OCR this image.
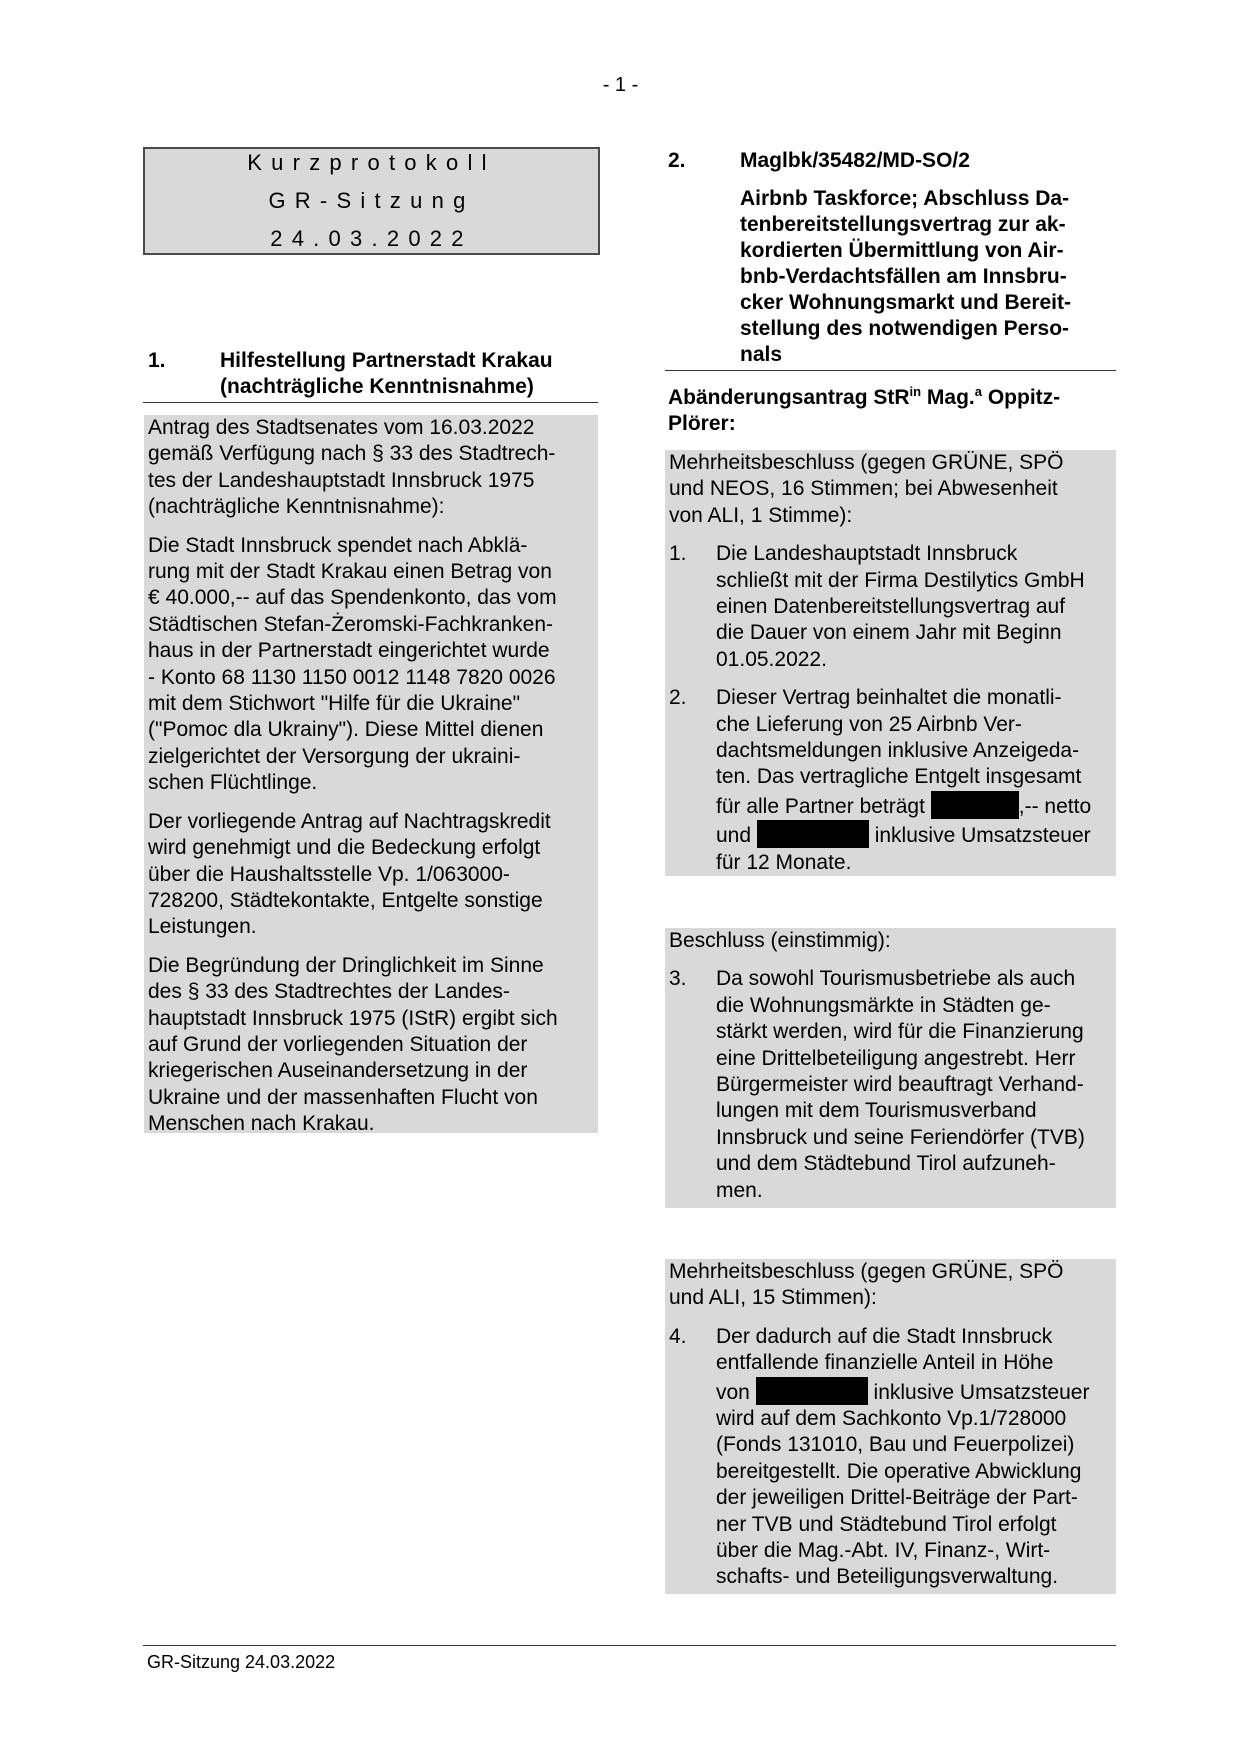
- 1 -
Kurzprotokoll
GR-Sitzung
24.03.2022
1.	Hilfestellung Partnerstadt Krakau
(nachträgliche Kenntnisnahme)

Antrag des Stadtsenates vom 16.03.2022
gemäß Verfügung nach § 33 des Stadtrech-
tes der Landeshauptstadt Innsbruck 1975
(nachträgliche Kenntnisnahme):

Die Stadt Innsbruck spendet nach Abklä-
rung mit der Stadt Krakau einen Betrag von
€ 40.000,-- auf das Spendenkonto, das vom
Städtischen Stefan-Żeromski-Fachkranken-
haus in der Partnerstadt eingerichtet wurde
- Konto 68 1130 1150 0012 1148 7820 0026
mit dem Stichwort "Hilfe für die Ukraine"
("Pomoc dla Ukrainy"). Diese Mittel dienen
zielgerichtet der Versorgung der ukraini-
schen Flüchtlinge.

Der vorliegende Antrag auf Nachtragskredit
wird genehmigt und die Bedeckung erfolgt
über die Haushaltsstelle Vp. 1/063000-
728200, Städtekontakte, Entgelte sonstige
Leistungen.

Die Begründung der Dringlichkeit im Sinne
des § 33 des Stadtrechtes der Landes-
hauptstadt Innsbruck 1975 (IStR) ergibt sich
auf Grund der vorliegenden Situation der
kriegerischen Auseinandersetzung in der
Ukraine und der massenhaften Flucht von
Menschen nach Krakau.

2.	Maglbk/35482/MD-SO/2
Airbnb Taskforce; Abschluss Da-
tenbereitstellungsvertrag zur ak-
kordierten Übermittlung von Air-
bnb-Verdachtsfällen am Innsbru-
cker Wohnungsmarkt und Bereit-
stellung des notwendigen Perso-
nals
Abänderungsantrag StR$^{in}$ Mag.$^a$ Oppitz-
Plörer:

Mehrheitsbeschluss (gegen GRÜNE, SPÖ
und NEOS, 16 Stimmen; bei Abwesenheit
von ALI, 1 Stimme):

1. Die Landeshauptstadt Innsbruck
schließt mit der Firma Destilytics GmbH
einen Datenbereitstellungsvertrag auf
die Dauer von einem Jahr mit Beginn
01.05.2022.
2. Dieser Vertrag beinhaltet die monatli-
che Lieferung von 25 Airbnb Ver-
dachtsmeldungen inklusive Anzeigeda-
ten. Das vertragliche Entgelt insgesamt
für alle Partner beträgt	,-- netto
und	inklusive Umsatzsteuer
für 12 Monate.

Beschluss (einstimmig):

3. Da sowohl Tourismusbetriebe als auch
die Wohnungsmärkte in Städten ge-
stärkt werden, wird für die Finanzierung
eine Drittelbeteiligung angestrebt. Herr
Bürgermeister wird beauftragt Verhand-
lungen mit dem Tourismusverband
Innsbruck und seine Feriendörfer (TVB)
und dem Städtebund Tirol aufzuneh-
men.

Mehrheitsbeschluss (gegen GRÜNE, SPÖ
und ALI, 15 Stimmen):

4. Der dadurch auf die Stadt Innsbruck
entfallende finanzielle Anteil in Höhe
von	inklusive Umsatzsteuer
wird auf dem Sachkonto Vp.1/728000
(Fonds 131010, Bau und Feuerpolizei)
bereitgestellt. Die operative Abwicklung
der jeweiligen Drittel-Beiträge der Part-
ner TVB und Städtebund Tirol erfolgt
über die Mag.-Abt. IV, Finanz-, Wirt-
schafts- und Beteiligungsverwaltung.
GR-Sitzung 24.03.2022
